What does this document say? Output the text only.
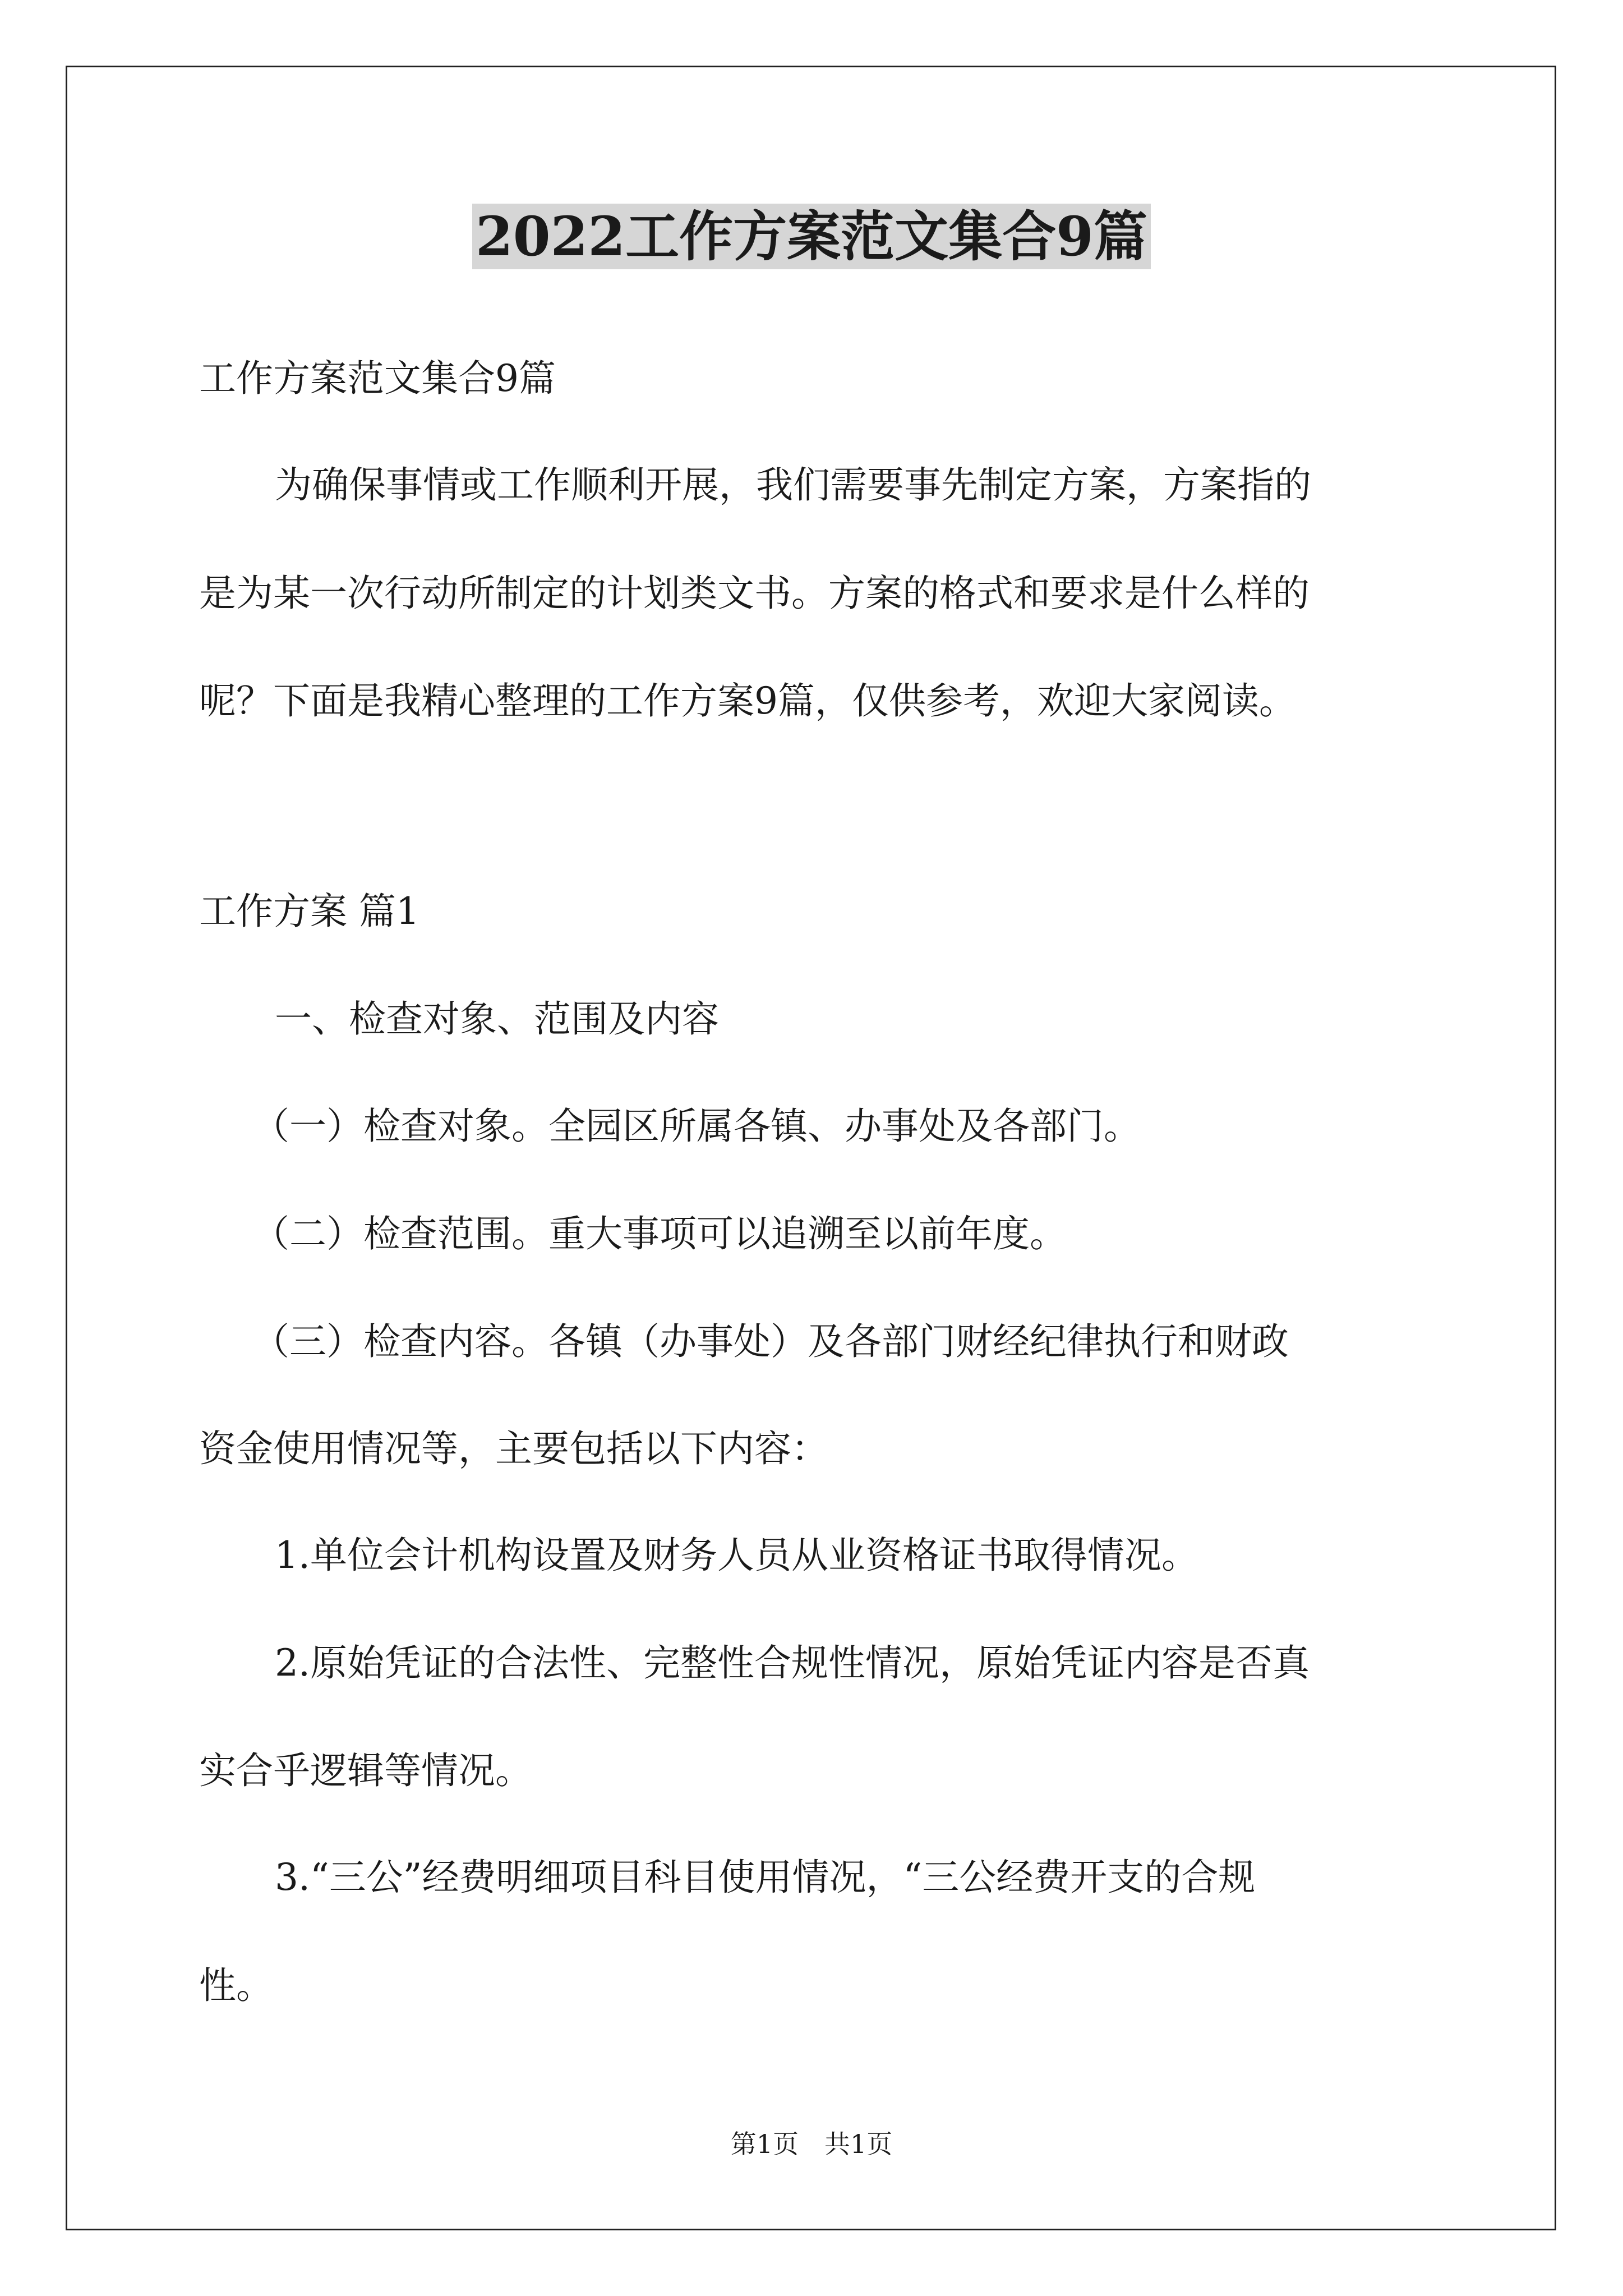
2022工作方案范文集合9篇

工作方案范文集合9篇

为确保事情或工作顺利开展，我们需要事先制定方案，方案指的

是为某一次行动所制定的计划类文书。方案的格式和要求是什么样的

呢？下面是我精心整理的工作方案9篇，仅供参考，欢迎大家阅读。

工作方案 篇1

一、检查对象、范围及内容

（一）检查对象。全园区所属各镇、办事处及各部门。

（二）检查范围。重大事项可以追溯至以前年度。

（三）检查内容。各镇（办事处）及各部门财经纪律执行和财政

资金使用情况等，主要包括以下内容：

1.单位会计机构设置及财务人员从业资格证书取得情况。

2.原始凭证的合法性、完整性合规性情况，原始凭证内容是否真

实合乎逻辑等情况。

3.“三公”经费明细项目科目使用情况，“三公经费开支的合规

性。

第1页　共1页
